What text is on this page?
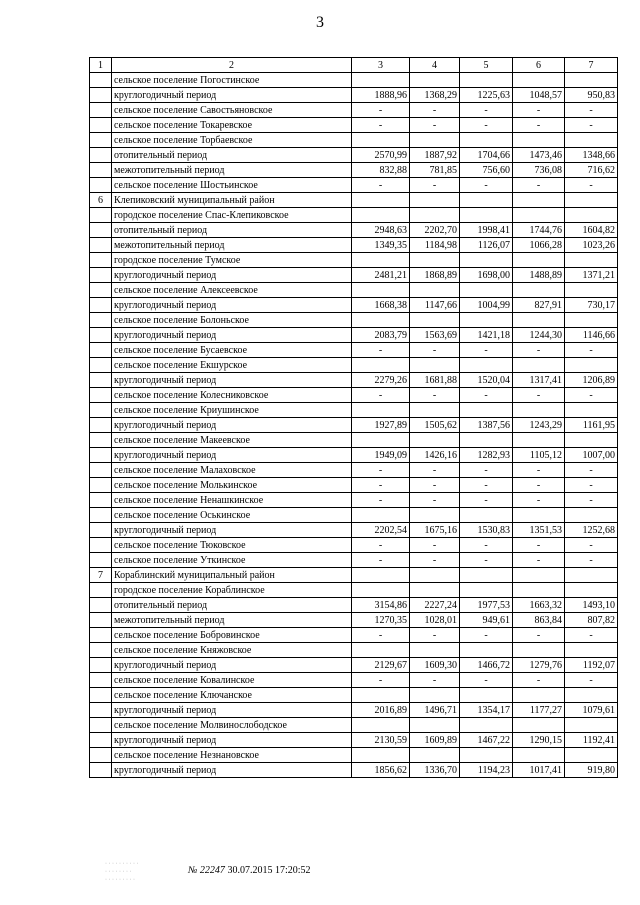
3
1	2	3	4	5	6	7
	сельское поселение Погостинское					
	круглогодичный период	1888,96	1368,29	1225,63	1048,57	950,83
	сельское поселение Савостьяновское	-	-	-	-	-
	сельское поселение Токаревское	-	-	-	-	-
	сельское поселение Торбаевское					
	отопительный период	2570,99	1887,92	1704,66	1473,46	1348,66
	межотопительный период	832,88	781,85	756,60	736,08	716,62
	сельское поселение Шостьинское	-	-	-	-	-
6	Клепиковский муниципальный район					
	городское поселение Спас-Клепиковское					
	отопительный период	2948,63	2202,70	1998,41	1744,76	1604,82
	межотопительный период	1349,35	1184,98	1126,07	1066,28	1023,26
	городское поселение Тумское					
	круглогодичный период	2481,21	1868,89	1698,00	1488,89	1371,21
	сельское поселение Алексеевское					
	круглогодичный период	1668,38	1147,66	1004,99	827,91	730,17
	сельское поселение Болоньское					
	круглогодичный период	2083,79	1563,69	1421,18	1244,30	1146,66
	сельское поселение Бусаевское	-	-	-	-	-
	сельское поселение Екшурское					
	круглогодичный период	2279,26	1681,88	1520,04	1317,41	1206,89
	сельское поселение Колесниковское	-	-	-	-	-
	сельское поселение Криушинское					
	круглогодичный период	1927,89	1505,62	1387,56	1243,29	1161,95
	сельское поселение Макеевское					
	круглогодичный период	1949,09	1426,16	1282,93	1105,12	1007,00
	сельское поселение Малаховское	-	-	-	-	-
	сельское поселение Молькинское	-	-	-	-	-
	сельское поселение Ненашкинское	-	-	-	-	-
	сельское поселение Оськинское					
	круглогодичный период	2202,54	1675,16	1530,83	1351,53	1252,68
	сельское поселение Тюковское	-	-	-	-	-
	сельское поселение Уткинское	-	-	-	-	-
7	Кораблинский муниципальный район					
	городское поселение Кораблинское					
	отопительный период	3154,86	2227,24	1977,53	1663,32	1493,10
	межотопительный период	1270,35	1028,01	949,61	863,84	807,82
	сельское поселение Бобровинское	-	-	-	-	-
	сельское поселение Княжовское					
	круглогодичный период	2129,67	1609,30	1466,72	1279,76	1192,07
	сельское поселение Ковалинское	-	-	-	-	-
	сельское поселение Ключанское					
	круглогодичный период	2016,89	1496,71	1354,17	1177,27	1079,61
	сельское поселение Молвинослободское					
	круглогодичный период	2130,59	1609,89	1467,22	1290,15	1192,41
	сельское поселение Незнановское					
	круглогодичный период	1856,62	1336,70	1194,23	1017,41	919,80
· · · · · · · · · ·
· · · · · · · ·
· · · · · · · · ·
№ 22247 30.07.2015 17:20:52
